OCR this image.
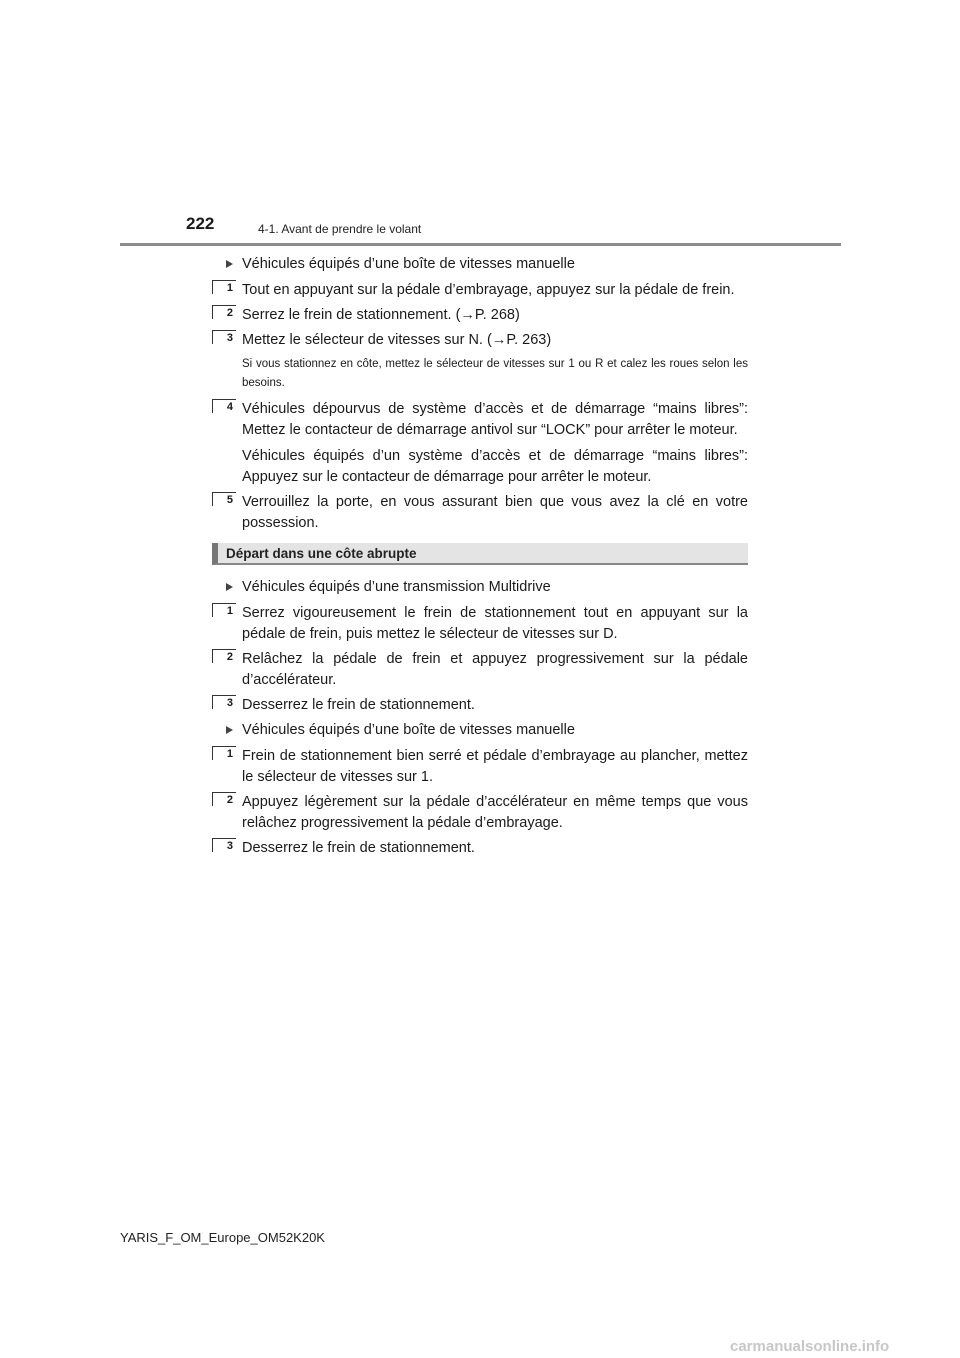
222	4-1. Avant de prendre le volant
Véhicules équipés d’une boîte de vitesses manuelle
1 Tout en appuyant sur la pédale d’embrayage, appuyez sur la pédale de frein.

2 Serrez le frein de stationnement. (→P. 268)

3 Mettez le sélecteur de vitesses sur N. (→P. 263)

Si vous stationnez en côte, mettez le sélecteur de vitesses sur 1 ou R et calez les roues selon les besoins.
4 Véhicules dépourvus de système d’accès et de démarrage “mains libres”: Mettez le contacteur de démarrage antivol sur “LOCK” pour arrêter le moteur.

Véhicules équipés d’un système d’accès et de démarrage “mains libres”: Appuyez sur le contacteur de démarrage pour arrêter le moteur.

5 Verrouillez la porte, en vous assurant bien que vous avez la clé en votre possession.

Départ dans une côte abrupte
Véhicules équipés d’une transmission Multidrive
1 Serrez vigoureusement le frein de stationnement tout en appuyant sur la pédale de frein, puis mettez le sélecteur de vitesses sur D.

2 Relâchez la pédale de frein et appuyez progressivement sur la pédale d’accélérateur.

3 Desserrez le frein de stationnement.

Véhicules équipés d’une boîte de vitesses manuelle
1 Frein de stationnement bien serré et pédale d’embrayage au plancher, mettez le sélecteur de vitesses sur 1.

2 Appuyez légèrement sur la pédale d’accélérateur en même temps que vous relâchez progressivement la pédale d’embrayage.

3 Desserrez le frein de stationnement.

YARIS_F_OM_Europe_OM52K20K
carmanualsonline.info
